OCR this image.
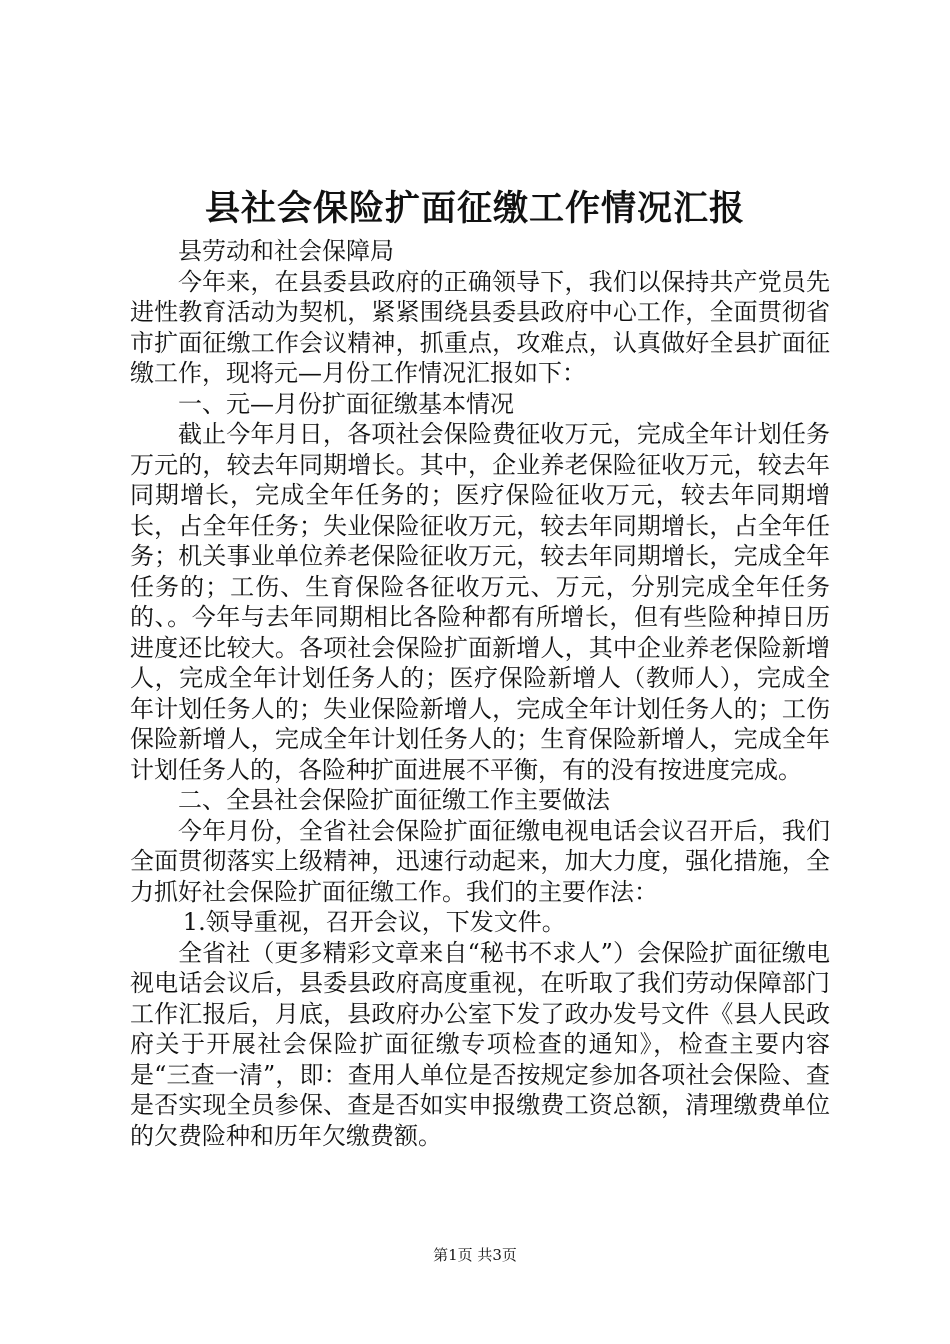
县社会保险扩面征缴工作情况汇报

县劳动和社会保障局

今年来，在县委县政府的正确领导下，我们以保持共产党员先进性教育活动为契机，紧紧围绕县委县政府中心工作，全面贯彻省市扩面征缴工作会议精神，抓重点，攻难点，认真做好全县扩面征缴工作，现将元—月份工作情况汇报如下：

一、元—月份扩面征缴基本情况

截止今年月日，各项社会保险费征收万元，完成全年计划任务万元的，较去年同期增长。其中，企业养老保险征收万元，较去年同期增长，完成全年任务的；医疗保险征收万元，较去年同期增长，占全年任务；失业保险征收万元，较去年同期增长，占全年任务；机关事业单位养老保险征收万元，较去年同期增长，完成全年任务的；工伤、生育保险各征收万元、万元，分别完成全年任务的、。今年与去年同期相比各险种都有所增长，但有些险种掉日历进度还比较大。各项社会保险扩面新增人，其中企业养老保险新增人，完成全年计划任务人的；医疗保险新增人（教师人），完成全年计划任务人的；失业保险新增人，完成全年计划任务人的；工伤保险新增人，完成全年计划任务人的；生育保险新增人，完成全年计划任务人的，各险种扩面进展不平衡，有的没有按进度完成。

二、全县社会保险扩面征缴工作主要做法

今年月份，全省社会保险扩面征缴电视电话会议召开后，我们全面贯彻落实上级精神，迅速行动起来，加大力度，强化措施，全力抓好社会保险扩面征缴工作。我们的主要作法：

1.领导重视，召开会议，下发文件。

全省社（更多精彩文章来自“秘书不求人”）会保险扩面征缴电视电话会议后，县委县政府高度重视，在听取了我们劳动保障部门工作汇报后，月底，县政府办公室下发了政办发号文件《县人民政府关于开展社会保险扩面征缴专项检查的通知》，检查主要内容是“三查一清”，即：查用人单位是否按规定参加各项社会保险、查是否实现全员参保、查是否如实申报缴费工资总额，清理缴费单位的欠费险种和历年欠缴费额。

第1页 共3页
